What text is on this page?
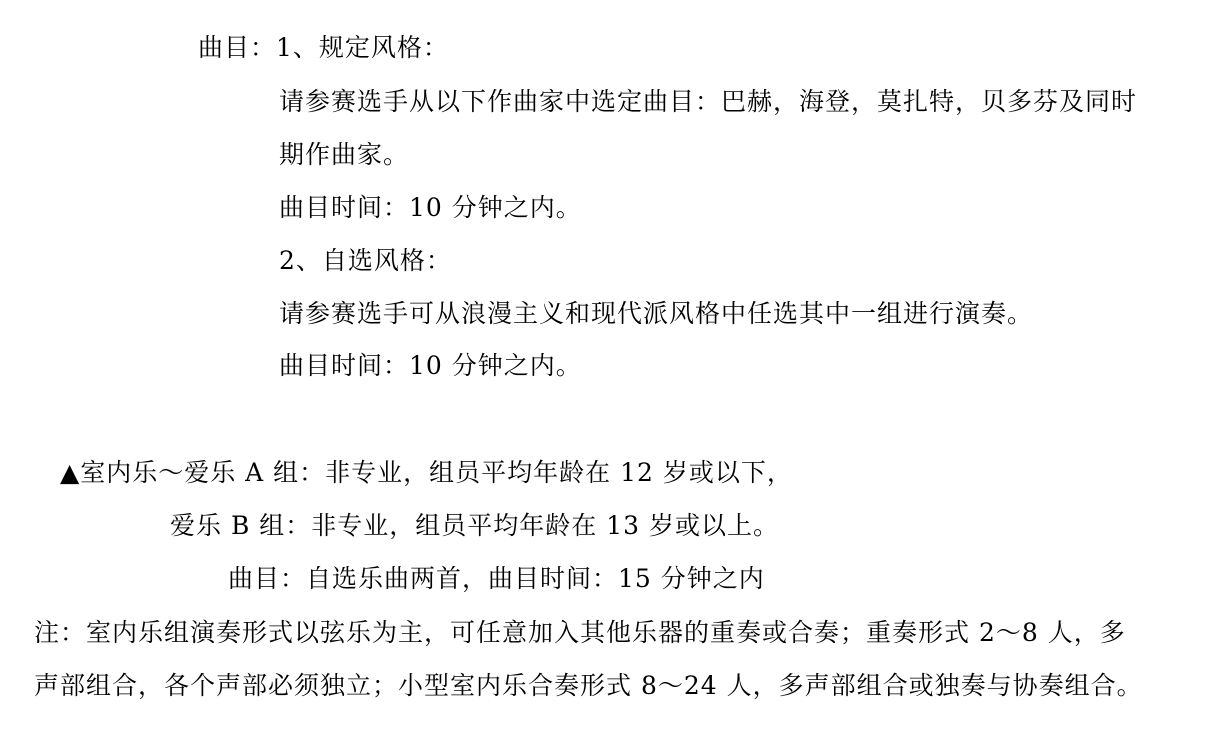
曲目：1、规定风格：
请参赛选手从以下作曲家中选定曲目：巴赫，海登，莫扎特，贝多芬及同时
期作曲家。
曲目时间：10 分钟之内。
2、自选风格：
请参赛选手可从浪漫主义和现代派风格中任选其中一组进行演奏。
曲目时间：10 分钟之内。
▲室内乐～爱乐 A 组：非专业，组员平均年龄在 12 岁或以下，
爱乐 B 组：非专业，组员平均年龄在 13 岁或以上。
曲目：自选乐曲两首，曲目时间：15 分钟之内
注：室内乐组演奏形式以弦乐为主，可任意加入其他乐器的重奏或合奏；重奏形式 2～8 人，多
声部组合，各个声部必须独立；小型室内乐合奏形式 8～24 人，多声部组合或独奏与协奏组合。
